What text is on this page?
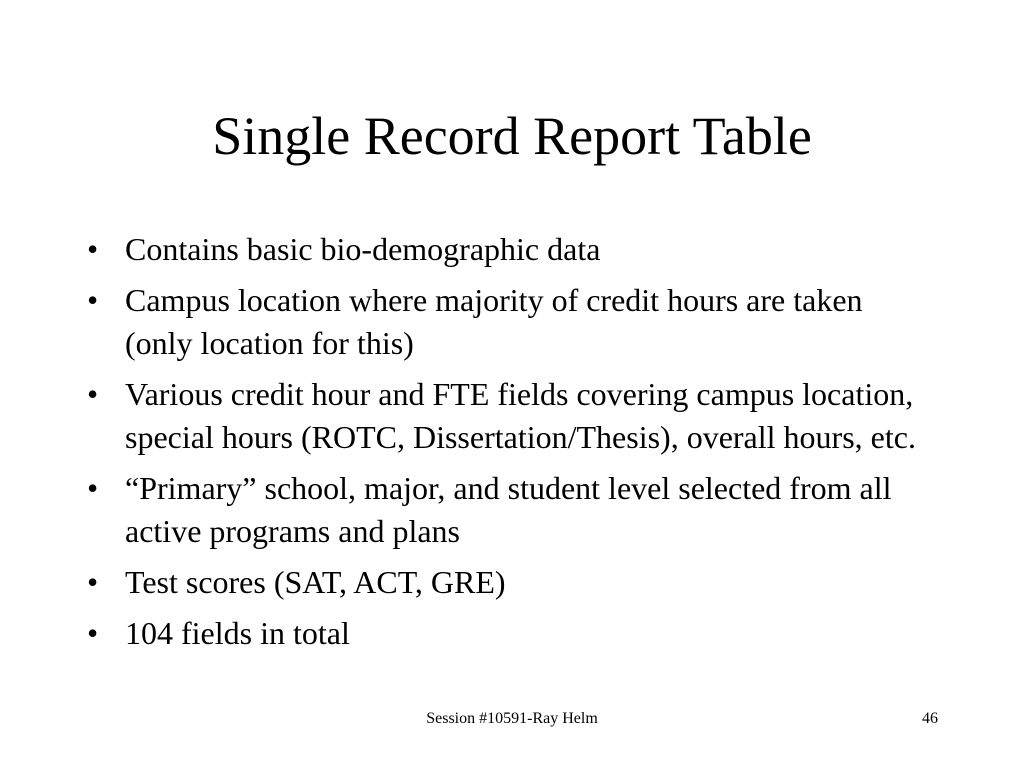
Single Record Report Table
• Contains basic bio-demographic data
• Campus location where majority of credit hours are taken (only location for this)
• Various credit hour and FTE fields covering campus location, special hours (ROTC, Dissertation/Thesis), overall hours, etc.
• “Primary” school, major, and student level selected from all active programs and plans
• Test scores (SAT, ACT, GRE)
• 104 fields in total
Session #10591-Ray Helm	46
